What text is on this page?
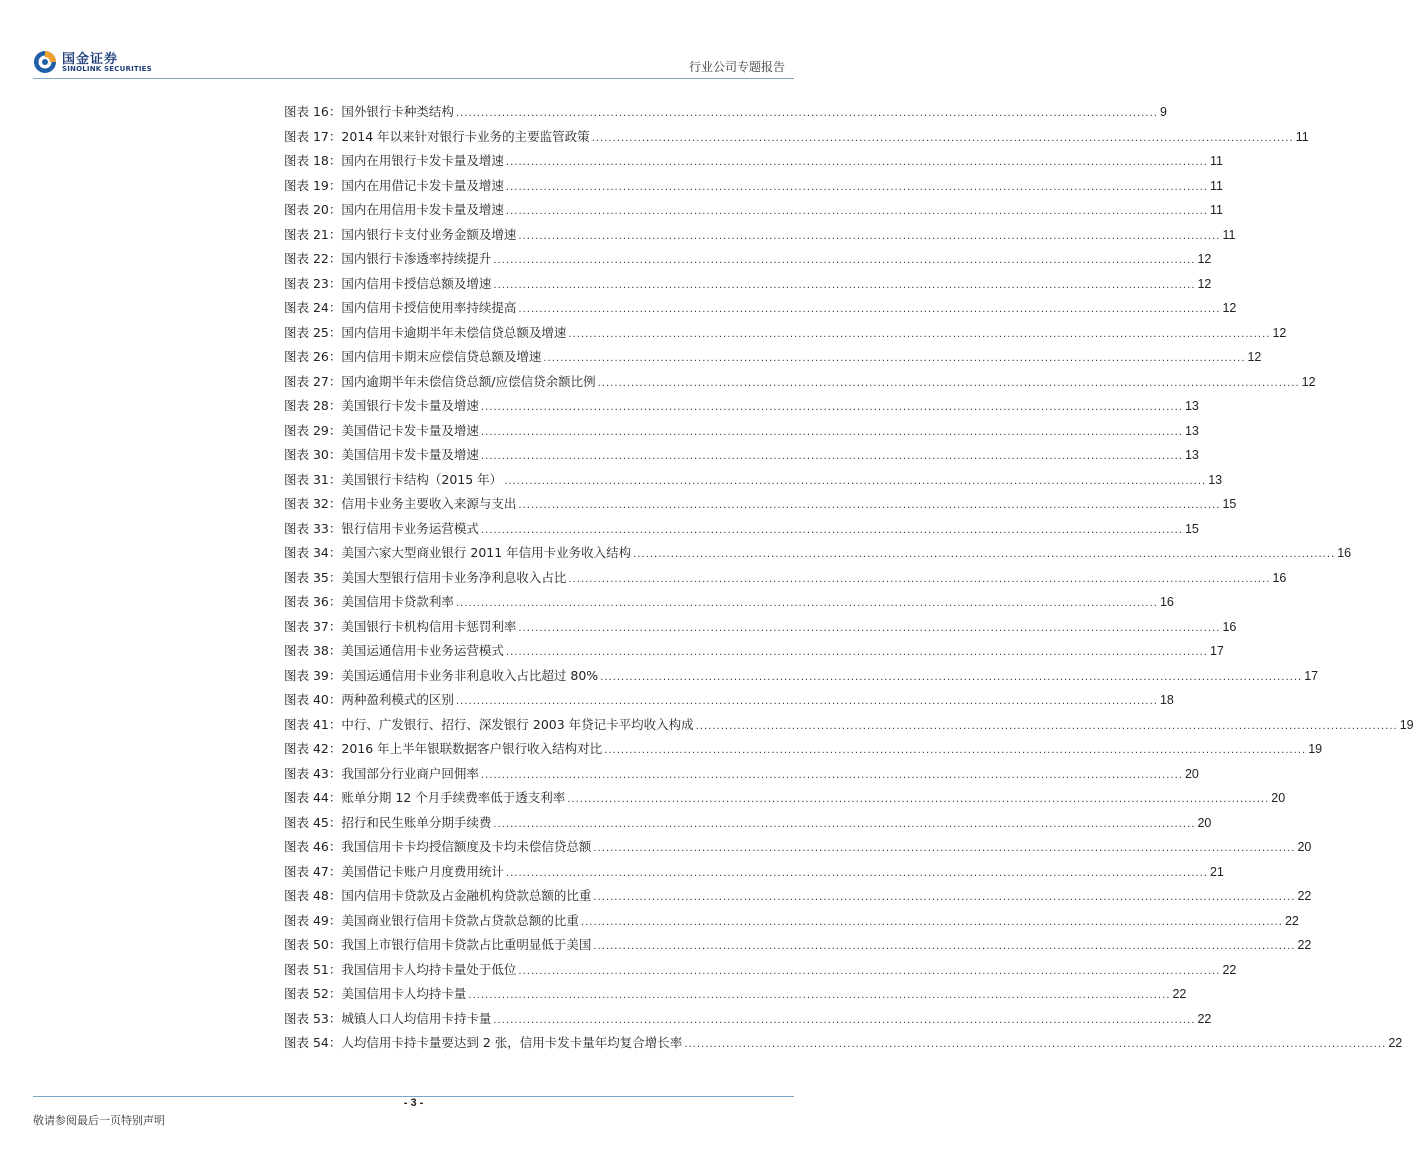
国金证券
SINOLINK SECURITIES	行业公司专题报告
图表 16： 国外银行卡种类结构 .....	9
图表 17： 2014 年以来针对银行卡业务的主要监管政策 .....	11
图表 18： 国内在用银行卡发卡量及增速 .....	11
图表 19： 国内在用借记卡发卡量及增速 .....	11
图表 20： 国内在用信用卡发卡量及增速 .....	11
图表 21： 国内银行卡支付业务金额及增速 .....	11
图表 22： 国内银行卡渗透率持续提升 .....	12
图表 23： 国内信用卡授信总额及增速 .....	12
图表 24： 国内信用卡授信使用率持续提高 .....	12
图表 25： 国内信用卡逾期半年未偿信贷总额及增速 .....	12
图表 26： 国内信用卡期末应偿信贷总额及增速 .....	12
图表 27： 国内逾期半年未偿信贷总额/应偿信贷余额比例 .....	12
图表 28： 美国银行卡发卡量及增速 .....	13
图表 29： 美国借记卡发卡量及增速 .....	13
图表 30： 美国信用卡发卡量及增速 .....	13
图表 31： 美国银行卡结构（2015 年） .....	13
图表 32： 信用卡业务主要收入来源与支出 .....	15
图表 33： 银行信用卡业务运营模式 .....	15
图表 34： 美国六家大型商业银行 2011 年信用卡业务收入结构 .....	16
图表 35： 美国大型银行信用卡业务净利息收入占比 .....	16
图表 36： 美国信用卡贷款利率 .....	16
图表 37： 美国银行卡机构信用卡惩罚利率 .....	16
图表 38： 美国运通信用卡业务运营模式 .....	17
图表 39： 美国运通信用卡业务非利息收入占比超过 80% .....	17
图表 40： 两种盈利模式的区别 .....	18
图表 41： 中行、广发银行、招行、深发银行 2003 年贷记卡平均收入构成 .....	19
图表 42： 2016 年上半年银联数据客户银行收入结构对比 .....	19
图表 43： 我国部分行业商户回佣率 .....	20
图表 44： 账单分期 12 个月手续费率低于透支利率 .....	20
图表 45： 招行和民生账单分期手续费 .....	20
图表 46： 我国信用卡卡均授信额度及卡均未偿信贷总额 .....	20
图表 47： 美国借记卡账户月度费用统计 .....	21
图表 48： 国内信用卡贷款及占金融机构贷款总额的比重 .....	22
图表 49： 美国商业银行信用卡贷款占贷款总额的比重 .....	22
图表 50： 我国上市银行信用卡贷款占比重明显低于美国 .....	22
图表 51： 我国信用卡人均持卡量处于低位 .....	22
图表 52： 美国信用卡人均持卡量 .....	22
图表 53： 城镇人口人均信用卡持卡量 .....	22
图表 54： 人均信用卡持卡量要达到 2 张，信用卡发卡量年均复合增长率 .....	22
- 3 -
敬请参阅最后一页特别声明
